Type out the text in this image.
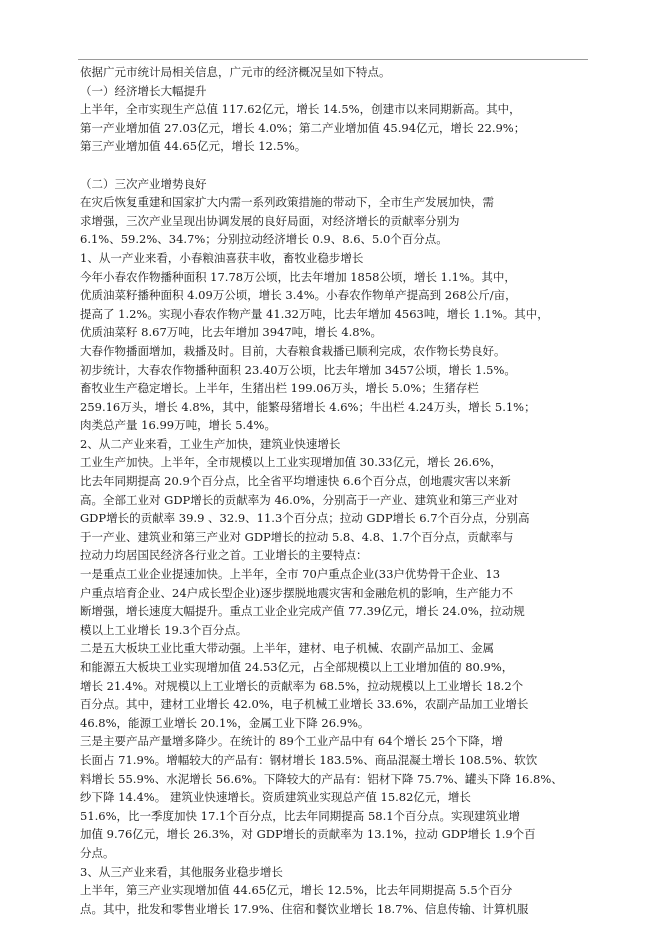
依据广元市统计局相关信息，广元市的经济概况呈如下特点。
（一）经济增长大幅提升
上半年，全市实现生产总值 117.62亿元，增长 14.5%，创建市以来同期新高。其中，
第一产业增加值 27.03亿元，增长 4.0%；第二产业增加值 45.94亿元，增长 22.9%；
第三产业增加值 44.65亿元，增长 12.5%。
（二）三次产业增势良好
在灾后恢复重建和国家扩大内需一系列政策措施的带动下，全市生产发展加快，需
求增强，三次产业呈现出协调发展的良好局面，对经济增长的贡献率分别为
6.1%、59.2%、34.7%；分别拉动经济增长 0.9、8.6、5.0个百分点。
1、从一产业来看，小春粮油喜获丰收，畜牧业稳步增长
今年小春农作物播种面积 17.78万公顷，比去年增加 1858公顷，增长 1.1%。其中，
优质油菜籽播种面积 4.09万公顷，增长 3.4%。小春农作物单产提高到 268公斤/亩，
提高了 1.2%。实现小春农作物产量 41.32万吨，比去年增加 4563吨，增长 1.1%。其中，
优质油菜籽 8.67万吨，比去年增加 3947吨，增长 4.8%。
大春作物播面增加，栽播及时。目前，大春粮食栽播已顺利完成，农作物长势良好。
初步统计，大春农作物播种面积 23.40万公顷，比去年增加 3457公顷，增长 1.5%。
畜牧业生产稳定增长。上半年，生猪出栏 199.06万头，增长 5.0%；生猪存栏
259.16万头，增长 4.8%，其中，能繁母猪增长 4.6%；牛出栏 4.24万头，增长 5.1%；
肉类总产量 16.99万吨，增长 5.4%。
2、从二产业来看，工业生产加快，建筑业快速增长
工业生产加快。上半年，全市规模以上工业实现增加值 30.33亿元，增长 26.6%，
比去年同期提高 20.9个百分点，比全省平均增速快 6.6个百分点，创地震灾害以来新
高。全部工业对 GDP增长的贡献率为 46.0%，分别高于一产业、建筑业和第三产业对
GDP增长的贡献率 39.9 、32.9、11.3个百分点；拉动 GDP增长 6.7个百分点，分别高
于一产业、建筑业和第三产业对 GDP增长的拉动 5.8、4.8、1.7个百分点，贡献率与
拉动力均居国民经济各行业之首。工业增长的主要特点：
一是重点工业企业提速加快。上半年，全市 70户重点企业(33户优势骨干企业、13
户重点培育企业、24户成长型企业)逐步摆脱地震灾害和金融危机的影响，生产能力不
断增强，增长速度大幅提升。重点工业企业完成产值 77.39亿元，增长 24.0%，拉动规
模以上工业增长 19.3个百分点。
二是五大板块工业比重大带动强。上半年，建材、电子机械、农副产品加工、金属
和能源五大板块工业实现增加值 24.53亿元，占全部规模以上工业增加值的 80.9%，
增长 21.4%。对规模以上工业增长的贡献率为 68.5%，拉动规模以上工业增长 18.2个
百分点。其中，建材工业增长 42.0%，电子机械工业增长 33.6%，农副产品加工业增长
46.8%，能源工业增长 20.1%，金属工业下降 26.9%。
三是主要产品产量增多降少。在统计的 89个工业产品中有 64个增长 25个下降，增
长面占 71.9%。增幅较大的产品有：钢材增长 183.5%、商品混凝土增长 108.5%、软饮
料增长 55.9%、水泥增长 56.6%。下降较大的产品有：铝材下降 75.7%、罐头下降 16.8%、
纱下降 14.4%。 建筑业快速增长。资质建筑业实现总产值 15.82亿元，增长
51.6%，比一季度加快 17.1个百分点，比去年同期提高 58.1个百分点。实现建筑业增
加值 9.76亿元，增长 26.3%，对 GDP增长的贡献率为 13.1%，拉动 GDP增长 1.9个百
分点。
3、从三产业来看，其他服务业稳步增长
上半年，第三产业实现增加值 44.65亿元，增长 12.5%，比去年同期提高 5.5个百分
点。其中，批发和零售业增长 17.9%、住宿和餐饮业增长 18.7%、信息传输、计算机服
